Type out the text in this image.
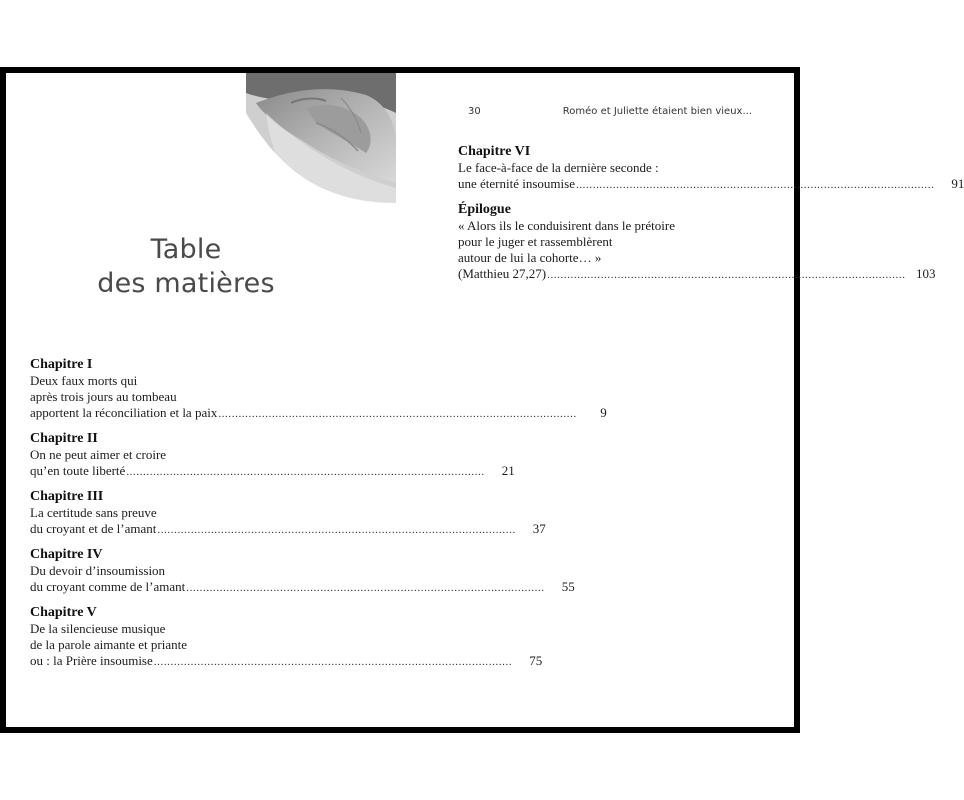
Table
des matières
Chapitre I
Deux faux morts qui
après trois jours au tombeau
apportent la réconciliation et la paix ...........................................................................................................	9
Chapitre II
On ne peut aimer et croire
qu’en toute liberté ...........................................................................................................	21
Chapitre III
La certitude sans preuve
du croyant et de l’amant ...........................................................................................................	37
Chapitre IV
Du devoir d’insoumission
du croyant comme de l’amant ...........................................................................................................	55
Chapitre V
De la silencieuse musique
de la parole aimante et priante
ou : la Prière insoumise ...........................................................................................................	75
30	Roméo et Juliette étaient bien vieux...
Chapitre VI
Le face-à-face de la dernière seconde :
une éternité insoumise ...........................................................................................................	91
Épilogue
« Alors ils le conduisirent dans le prétoire
pour le juger et rassemblèrent
autour de lui la cohorte… »
(Matthieu 27,27) ........................................................................................................... 103
